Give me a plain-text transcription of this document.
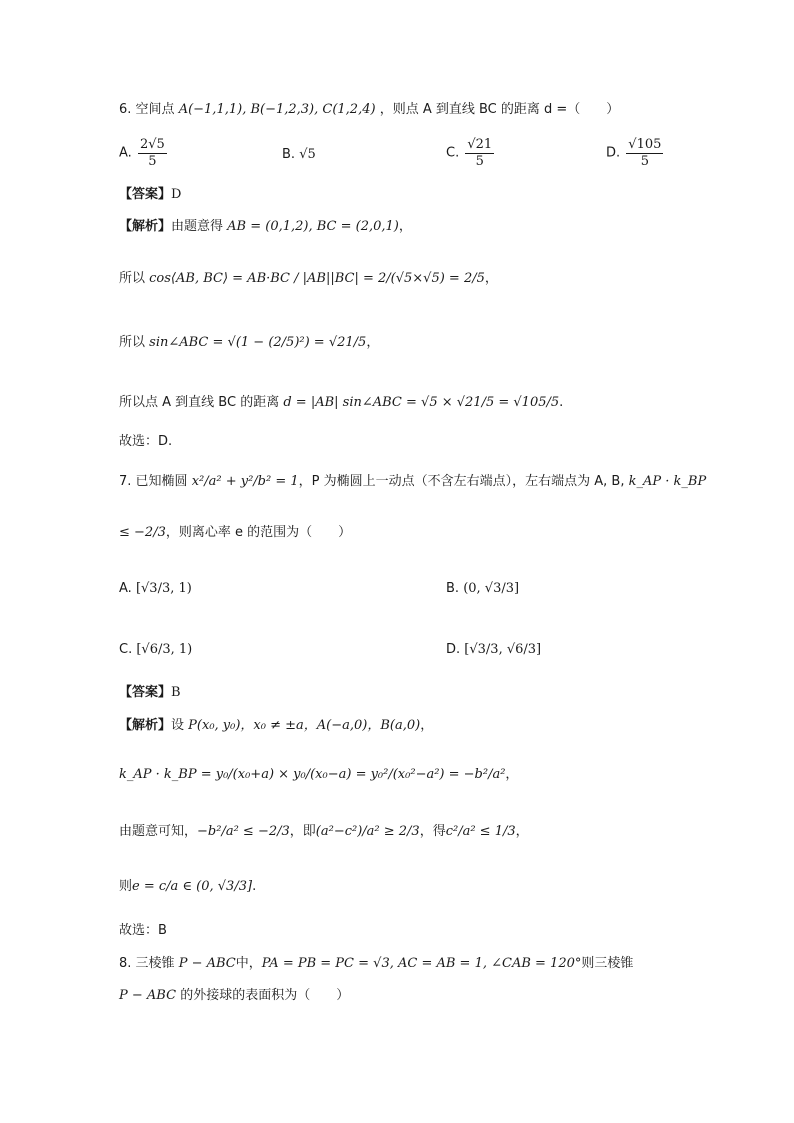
6. 空间点 A(−1,1,1), B(−1,2,3), C(1,2,4) ，则点 A 到直线 BC 的距离 d =（　　）
A. $\frac{2√5}{5}$	B. √5	C. $\frac{√21}{5}$	D. $\frac{√105}{5}$
【答案】D
【解析】由题意得 AB = (0,1,2), BC = (2,0,1)，
所以 cos⟨AB, BC⟩ = AB·BC / |AB||BC| = 2/(√5×√5) = 2/5，
所以 sin∠ABC = √(1 − (2/5)²) = √21/5，
所以点 A 到直线 BC 的距离 d = |AB| sin∠ABC = √5 × √21/5 = √105/5.
故选：D.
7. 已知椭圆 x²/a² + y²/b² = 1，P 为椭圆上一动点（不含左右端点），左右端点为 A, B, k_AP · k_BP
≤ −2/3，则离心率 e 的范围为（　　）
A. [√3/3, 1)	B. (0, √3/3]
C. [√6/3, 1)	D. [√3/3, √6/3]
【答案】B
【解析】设 P(x₀, y₀)，x₀ ≠ ±a，A(−a,0)，B(a,0)，
k_AP · k_BP = y₀/(x₀+a) × y₀/(x₀−a) = y₀²/(x₀²−a²) = −b²/a²，
由题意可知，−b²/a² ≤ −2/3，即(a²−c²)/a² ≥ 2/3，得c²/a² ≤ 1/3，
则e = c/a ∈ (0, √3/3].
故选：B
8. 三棱锥 P − ABC中，PA = PB = PC = √3, AC = AB = 1, ∠CAB = 120°则三棱锥
P − ABC 的外接球的表面积为（　　）
